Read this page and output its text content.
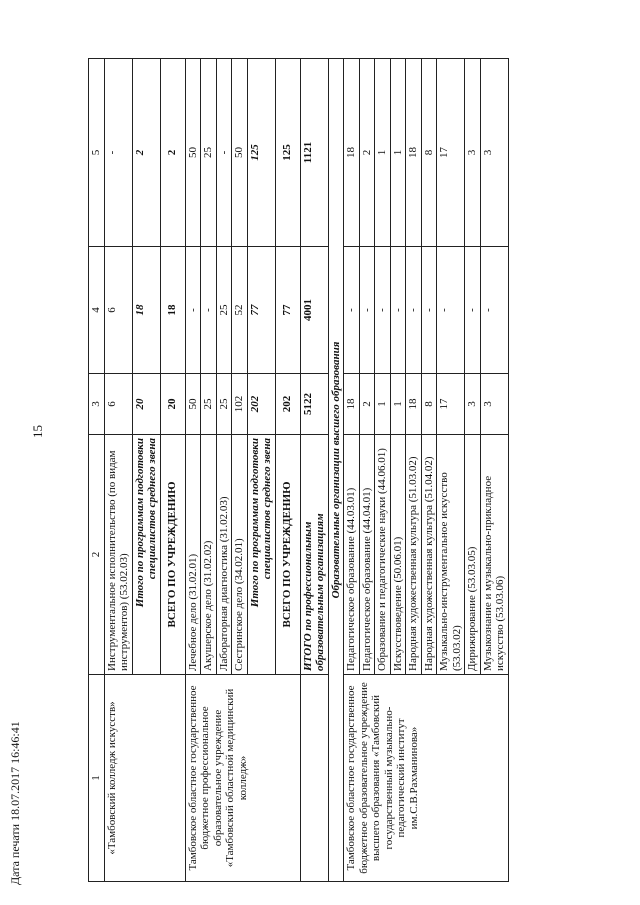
15
Дата печати 18.07.2017 16:46:41	1	2	3	4	5
«Тамбовский колледж искусств»	Инструментальное исполнительство (по видам инструментов) (53.02.03)	6	6	-
	Итого по программам подготовки специалистов среднего звена	20	18	2
	ВСЕГО ПО УЧРЕЖДЕНИЮ	20	18	2
Тамбовское областное государственное бюджетное профессиональное образовательное учреждение «Тамбовский областной медицинский колледж»	Лечебное дело (31.02.01)	50	-	50
	Акушерское дело (31.02.02)	25	-	25
	Лабораторная диагностика (31.02.03)	25	25	-
	Сестринское дело (34.02.01)	102	52	50
	Итого по программам подготовки специалистов среднего звена	202	77	125
	ВСЕГО ПО УЧРЕЖДЕНИЮ	202	77	125
	ИТОГО по профессиональным образовательным организациям	5122	4001	1121
Образовательные организации высшего образования				
Тамбовское областное государственное бюджетное образовательное учреждение высшего образования «Тамбовский государственный музыкально-педагогический институт им.С.В.Рахманинова»	Педагогическое образование (44.03.01)	18	-	18
	Педагогическое образование (44.04.01)	2	-	2
	Образование и педагогические науки (44.06.01)	1	-	1
	Искусствоведение (50.06.01)	1	-	1
	Народная художественная культура (51.03.02)	18	-	18
	Народная художественная культура (51.04.02)	8	-	8
	Музыкально-инструментальное искусство (53.03.02)	17	-	17
	Дирижирование (53.03.05)	3	-	3
	Музыкознание и музыкально-прикладное искусство (53.03.06)	3	-	3
